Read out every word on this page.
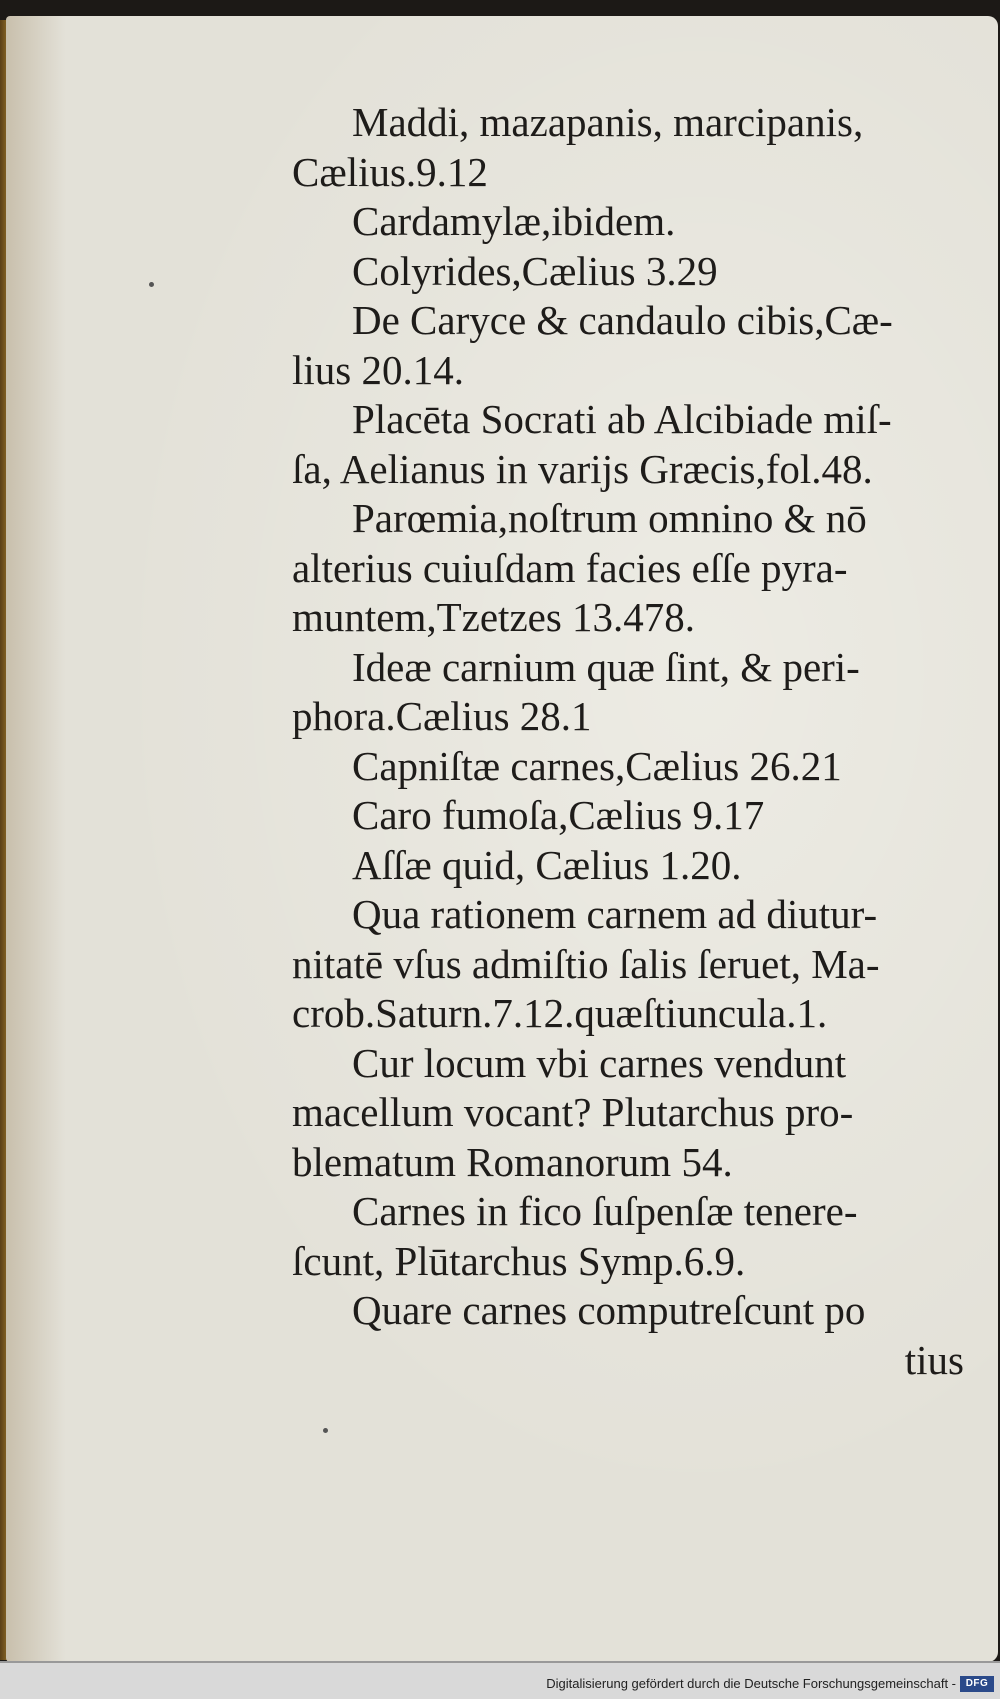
Maddi, mazapanis, marcipanis,
Cælius.9.12
Cardamylæ,ibidem.
Colyrides,Cælius 3.29
De Caryce & candaulo cibis,Cæ-
lius 20.14.
Placēta Socrati ab Alcibiade miſ-
ſa, Aelianus in varijs Græcis,fol.48.
Parœmia,noſtrum omnino & nō
alterius cuiuſdam facies eſſe pyra-
muntem,Tzetzes 13.478.
Ideæ carnium quæ ſint, & peri-
phora.Cælius 28.1
Capniſtæ carnes,Cælius 26.21
Caro fumoſa,Cælius 9.17
Aſſæ quid, Cælius 1.20.
Qua rationem carnem ad diutur-
nitatē vſus admiſtio ſalis ſeruet, Ma-
crob.Saturn.7.12.quæſtiuncula.1.
Cur locum vbi carnes vendunt
macellum vocant? Plutarchus pro-
blematum Romanorum 54.
Carnes in fico ſuſpenſæ tenere-
ſcunt, Plūtarchus Symp.6.9.
Quare carnes computreſcunt po
tius
Digitalisierung gefördert durch die Deutsche Forschungsgemeinschaft - DFG
